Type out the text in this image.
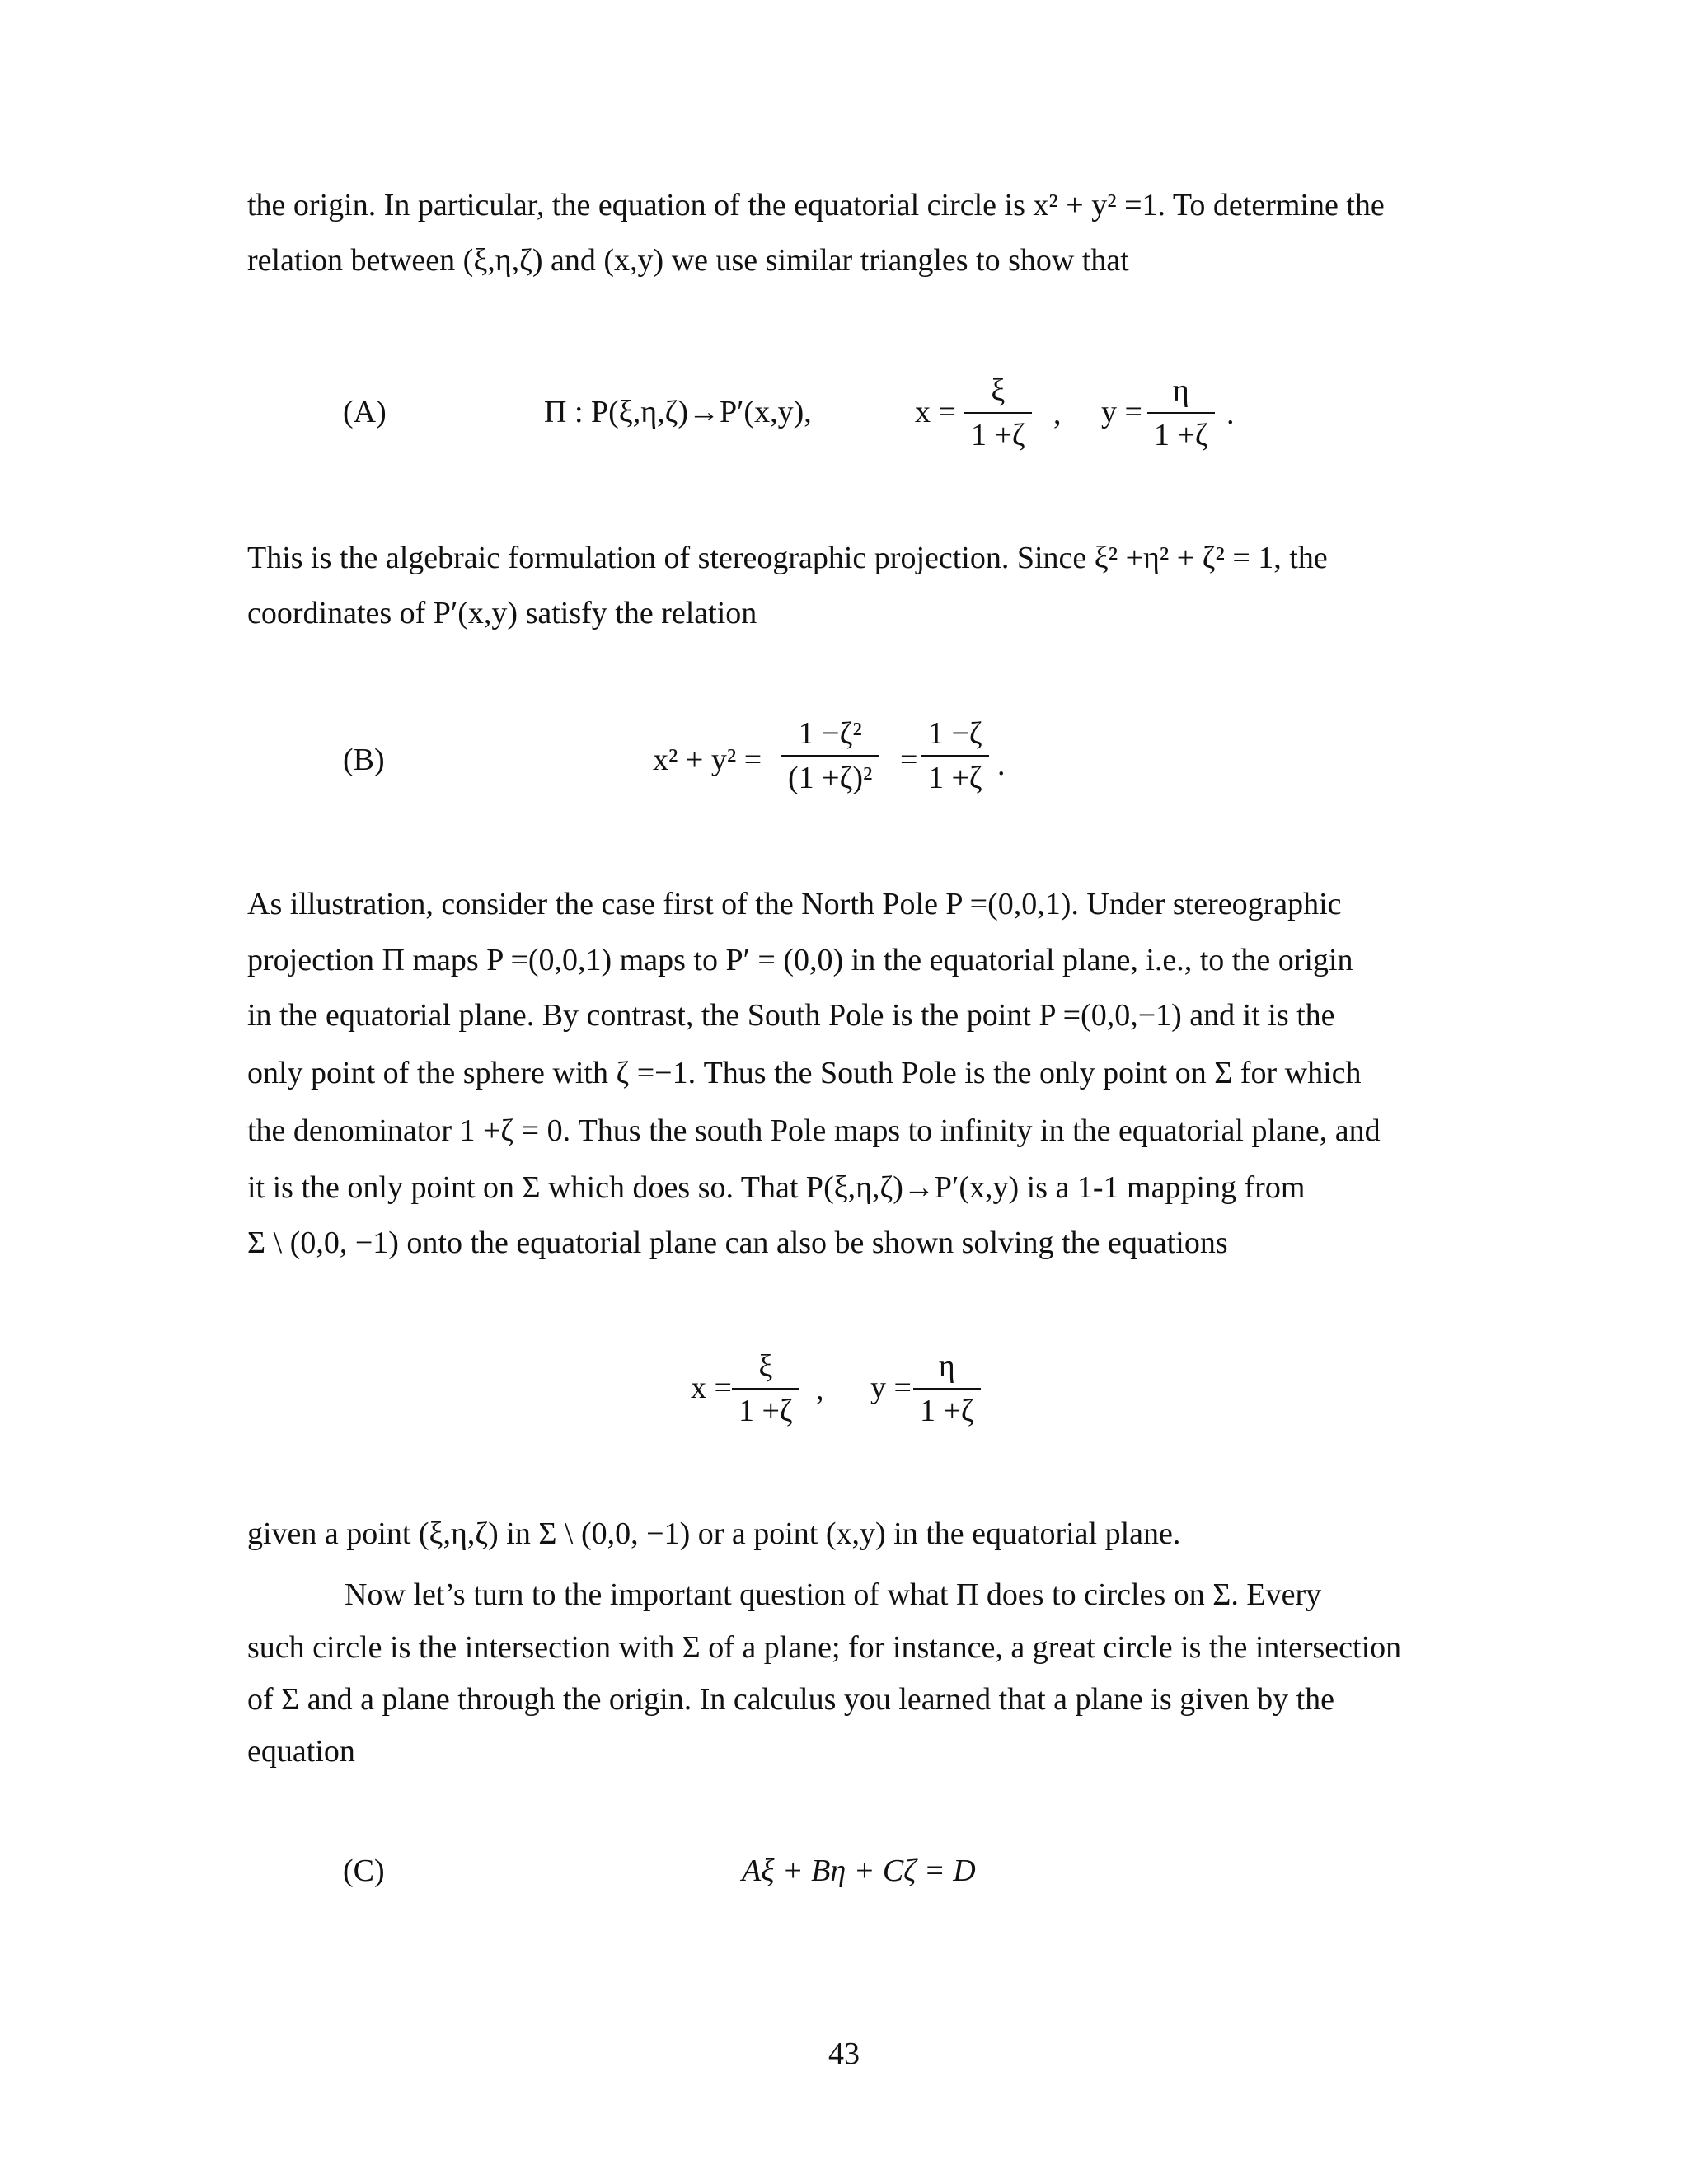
the origin. In particular, the equation of the equatorial circle is x² + y² =1. To determine the
relation between (ξ,η,ζ) and (x,y) we use similar triangles to show that
(A)	Π : P(ξ,η,ζ)→P′(x,y),	x =
ξ
1 +ζ
, y =
η
1 +ζ
.
This is the algebraic formulation of stereographic projection. Since ξ² +η² + ζ² = 1, the
coordinates of P′(x,y) satisfy the relation
(B)	x² + y² =
1 −ζ²
(1 +ζ)²
=
1 −ζ
1 +ζ .
As illustration, consider the case first of the North Pole P =(0,0,1). Under stereographic
projection Π maps P =(0,0,1) maps to P′ = (0,0) in the equatorial plane, i.e., to the origin
in the equatorial plane. By contrast, the South Pole is the point P =(0,0,−1) and it is the
only point of the sphere with ζ =−1. Thus the South Pole is the only point on Σ for which
the denominator 1 +ζ = 0. Thus the south Pole maps to infinity in the equatorial plane, and
it is the only point on Σ which does so. That P(ξ,η,ζ)→P′(x,y) is a 1-1 mapping from
Σ \ (0,0, −1) onto the equatorial plane can also be shown solving the equations
x =
ξ
1 +ζ
, y =
η
1 +ζ
given a point (ξ,η,ζ) in Σ \ (0,0, −1) or a point (x,y) in the equatorial plane.
Now let’s turn to the important question of what Π does to circles on Σ. Every
such circle is the intersection with Σ of a plane; for instance, a great circle is the intersection
of Σ and a plane through the origin. In calculus you learned that a plane is given by the
equation
(C)	Aξ + Bη + Cζ = D
43
